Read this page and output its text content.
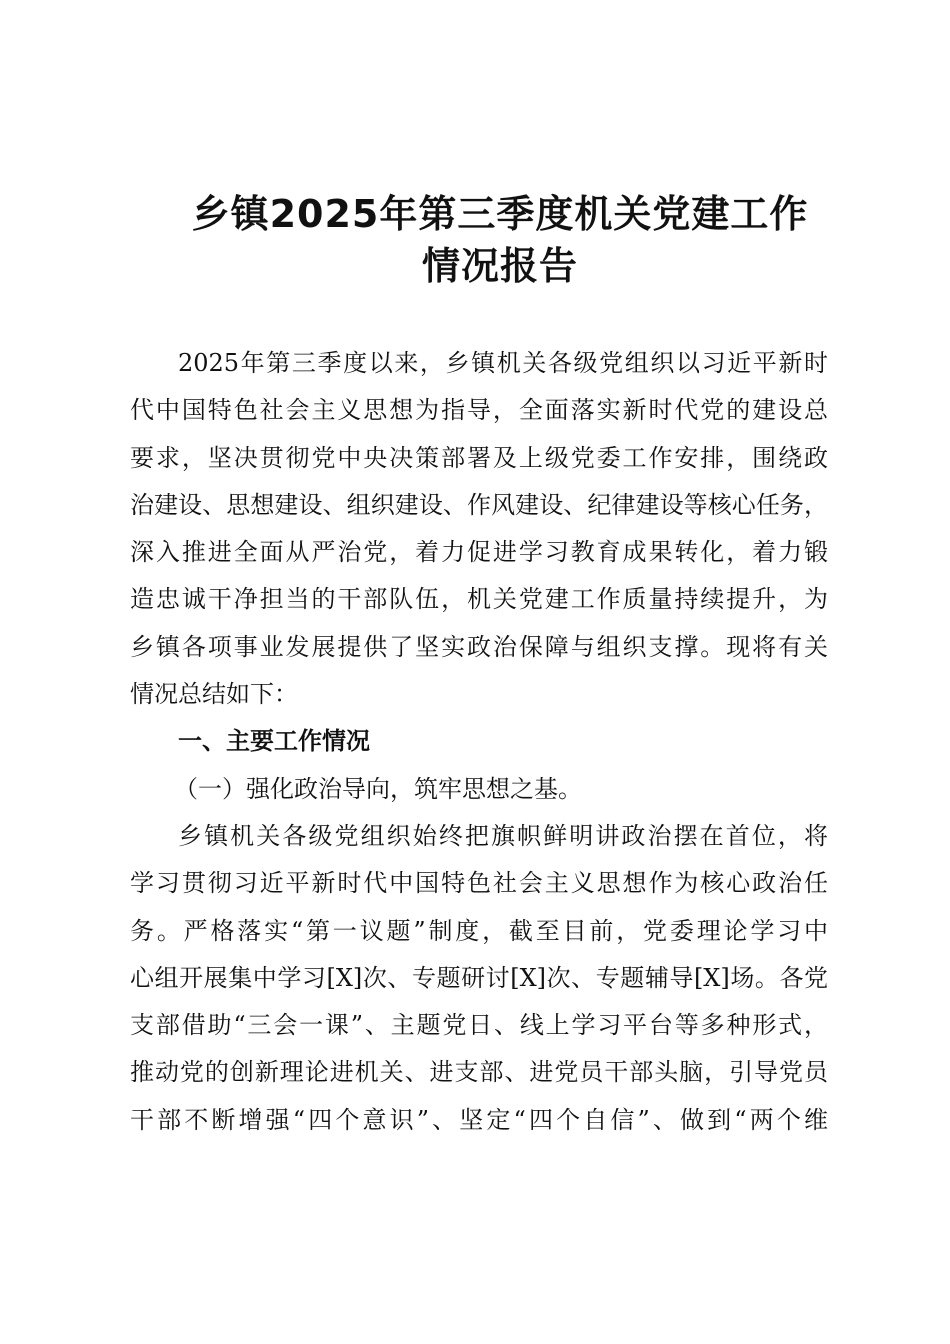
乡镇2025年第三季度机关党建工作
情况报告
2025年第三季度以来，乡镇机关各级党组织以习近平新时
代中国特色社会主义思想为指导，全面落实新时代党的建设总
要求，坚决贯彻党中央决策部署及上级党委工作安排，围绕政
治建设、思想建设、组织建设、作风建设、纪律建设等核心任务，
深入推进全面从严治党，着力促进学习教育成果转化，着力锻
造忠诚干净担当的干部队伍，机关党建工作质量持续提升，为
乡镇各项事业发展提供了坚实政治保障与组织支撑。现将有关
情况总结如下：
一、主要工作情况
（一）强化政治导向，筑牢思想之基。
乡镇机关各级党组织始终把旗帜鲜明讲政治摆在首位，将
学习贯彻习近平新时代中国特色社会主义思想作为核心政治任
务。严格落实“第一议题”制度，截至目前，党委理论学习中
心组开展集中学习[X]次、专题研讨[X]次、专题辅导[X]场。各党
支部借助“三会一课”、主题党日、线上学习平台等多种形式，
推动党的创新理论进机关、进支部、进党员干部头脑，引导党员
干部不断增强“四个意识”、坚定“四个自信”、做到“两个维
